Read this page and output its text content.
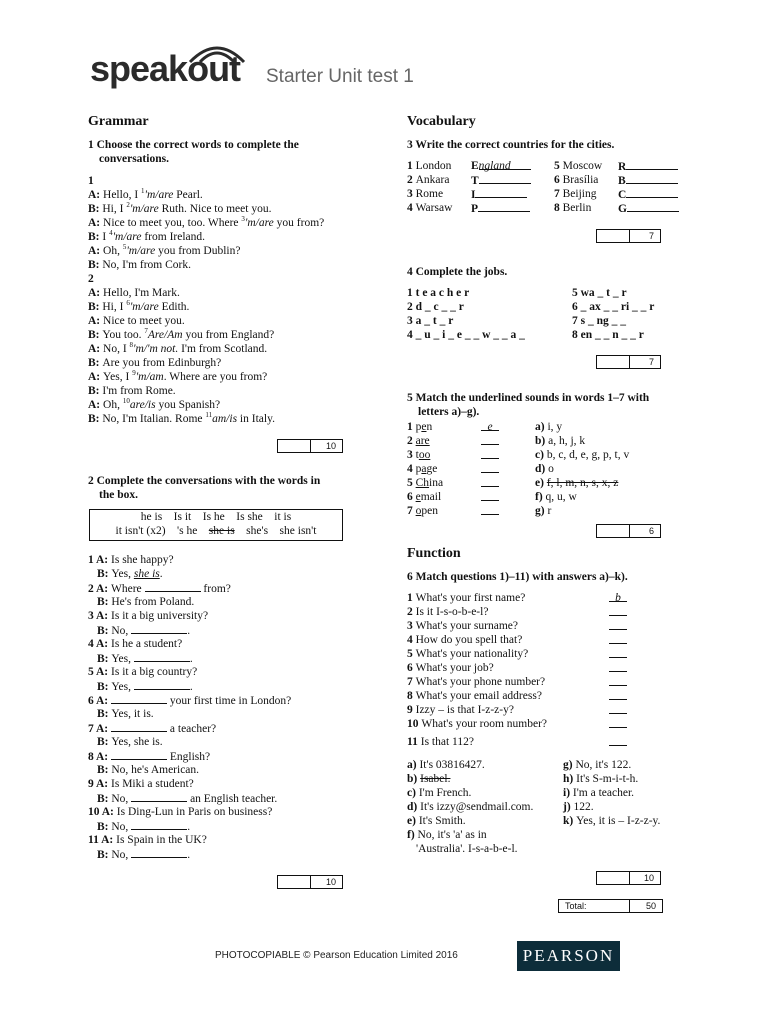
speakout Starter Unit test 1
Grammar
1 Choose the correct words to complete the
conversations.
10
2 Complete the conversations with the words in
the box.
he is    Is it    Is he    Is she    it is
it isn't (x2)    's he    she is    she's    she isn't
10
Vocabulary
3 Write the correct countries for the cities.
7
4 Complete the jobs.
7
5 Match the underlined sounds in words 1–7 with
letters a)–g).
6
Function
6 Match questions 1)–11) with answers a)–k).
10
Total:	50
PHOTOCOPIABLE © Pearson Education Limited 2016	PEARSON
1
A: Hello, I $^1$'m/are Pearl.
B: Hi, I $^2$'m/are Ruth. Nice to meet you.
A: Nice to meet you, too. Where $^3$'m/are you from?
B: I $^4$'m/are from Ireland.
A: Oh, $^5$'m/are you from Dublin?
B: No, I'm from Cork.
2
A: Hello, I'm Mark.
B: Hi, I $^6$'m/are Edith.
A: Nice to meet you.
B: You too. $^7$Are/Am you from England?
A: No, I $^8$'m/'m not. I'm from Scotland.
B: Are you from Edinburgh?
A: Yes, I $^9$'m/am. Where are you from?
B: I'm from Rome.
A: Oh, $^{10}$are/is you Spanish?
B: No, I'm Italian. Rome $^{11}$am/is in Italy.
1 A: Is she happy?
B: Yes, she is.
2 A: Where	from?
B: He's from Poland.
3 A: Is it a big university?
B: No,	.
4 A: Is he a student?
B: Yes,	.
5 A: Is it a big country?
B: Yes,	.
6 A:	your first time in London?
B: Yes, it is.
7 A:	a teacher?
B: Yes, she is.
8 A:	English?
B: No, he's American.
9 A: Is Miki a student?
B: No,	an English teacher.
10 A: Is Ding-Lun in Paris on business?
B: No,	.
11 A: Is Spain in the UK?
B: No,	.
1 London England
2 Ankara T
3 Rome I
4 Warsaw P
5 Moscow R
6 Brasília B
7 Beijing C
8 Berlin G
1 t e a c h e r
2 d _ c _ _ r
3 a _ t _ r
4 _ u _ i _ e _ _ w _ _ a _
5 wa _ t _ r
6 _ ax _ _ ri _ _ r
7 s _ ng _ _
8 en _ _ n _ _ r
1 pen	e
2 are
3 too
4 page
5 China
6 email
7 open
a) i, y
b) a, h, j, k
c) b, c, d, e, g, p, t, v
d) o
e) f, l, m, n, s, x, z
f) q, u, w
g) r
1 What's your first name?	b
2 Is it I-s-o-b-e-l?
3 What's your surname?
4 How do you spell that?
5 What's your nationality?
6 What's your job?
7 What's your phone number?
8 What's your email address?
9 Izzy – is that I-z-z-y?
10 What's your room number?
11 Is that 112?
a) It's 03816427.
b) Isabel.
c) I'm French.
d) It's izzy@sendmail.com.
e) It's Smith.
f) No, it's 'a' as in
'Australia'. I-s-a-b-e-l.
g) No, it's 122.
h) It's S-m-i-t-h.
i) I'm a teacher.
j) 122.
k) Yes, it is – I-z-z-y.
